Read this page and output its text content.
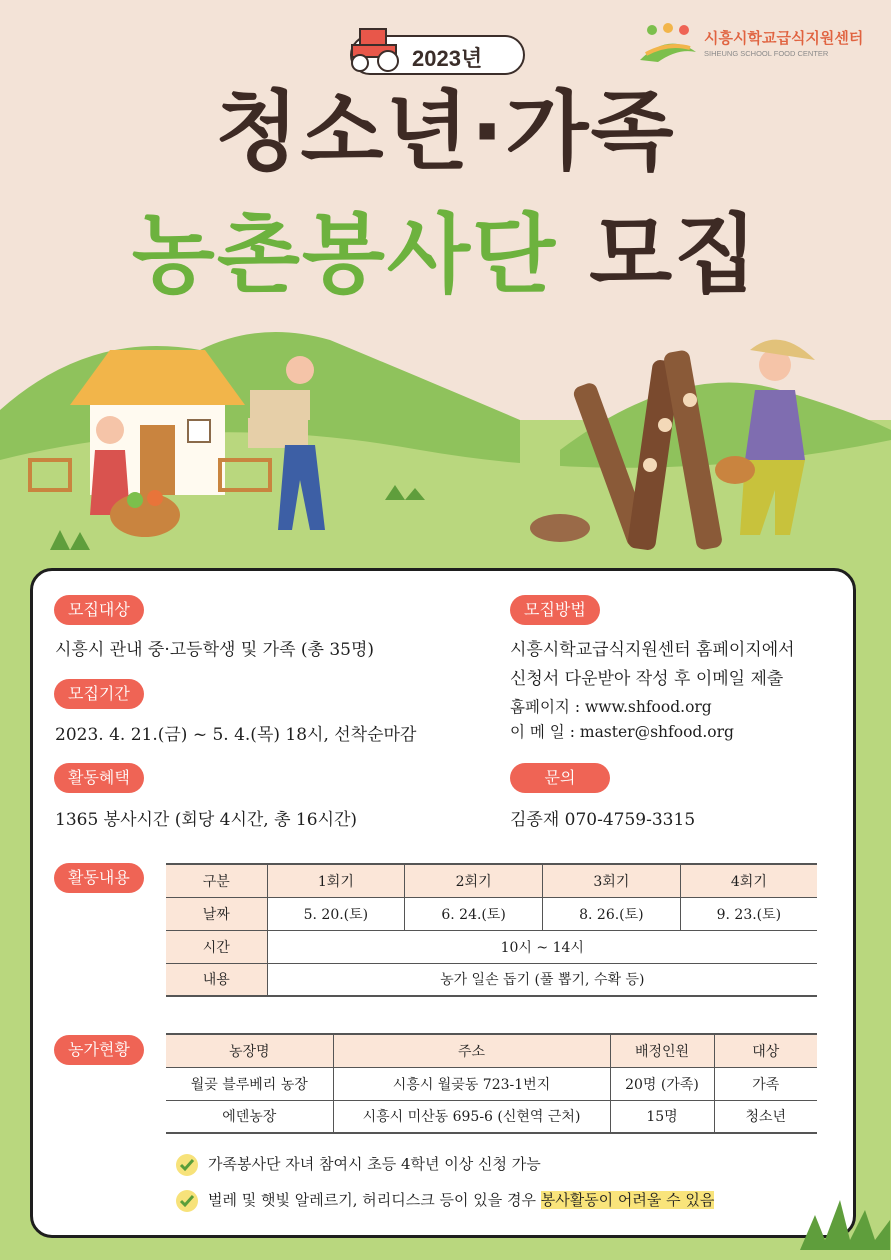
2023년
시흥시학교급식지원센터
SIHEUNG SCHOOL FOOD CENTER
청소년·가족
농촌봉사단 모집
모집대상
시흥시 관내 중·고등학생 및 가족 (총 35명)
모집기간
2023. 4. 21.(금) ~ 5. 4.(목) 18시, 선착순마감
활동혜택
1365 봉사시간 (회당 4시간, 총 16시간)
모집방법
시흥시학교급식지원센터 홈페이지에서
신청서 다운받아 작성 후 이메일 제출
홈페이지 : www.shfood.org
이 메 일 : master@shfood.org
문의
김종재 070-4759-3315
활동내용	구분	1회기	2회기	3회기	4회기
날짜	5. 20.(토)	6. 24.(토)	8. 26.(토)	9. 23.(토)
시간	10시 ~ 14시			
내용	농가 일손 돕기 (풀 뽑기, 수확 등)			
농가현황	농장명	주소	배정인원	대상
월곶 블루베리 농장	시흥시 월곶동 723-1번지	20명 (가족)	가족
에덴농장	시흥시 미산동 695-6 (신현역 근처)	15명	청소년
가족봉사단 자녀 참여시 초등 4학년 이상 신청 가능
벌레 및 햇빛 알레르기, 허리디스크 등이 있을 경우 봉사활동이 어려울 수 있음
